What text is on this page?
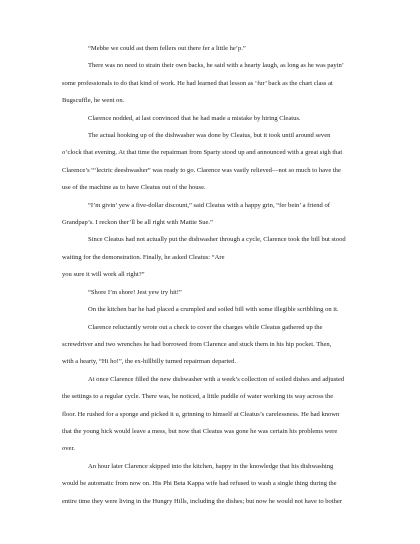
“Mebbe we could ast them fellers out there fer a little he’p.”

There was no need to strain their own backs, he said with a hearty laugh, as long as he was payin’

some professionals to do that kind of work. He had learned that lesson as ‘fur’ back as the chart class at

Bugscuffle, he went on.

Clarence nodded, at last convinced that he had made a mistake by hiring Cleatus.

The actual hooking up of the dishwasher was done by Cleatus, but it took until around seven

o’clock that evening. At that time the repairman from Sparty stood up and announced with a great sigh that

Clarence’s “‘lectric deeshwasher” was ready to go. Clarence was vastly relieved—not so much to have the

use of the machine as to have Cleatus out of the house.

“I’m givin’ yew a five-dollar discount,” said Cleatus with a happy grin, “fer bein’ a friend of

Grandpap’s. I reckon ther’ll be all right with Mattie Sue.”

Since Cleatus had not actually put the dishwasher through a cycle, Clarence took the bill but stood

waiting for the demonstration. Finally, he asked Cleatus: “Are

you sure it will work all right?”

“Shore I’m shore! Jest yew try hit!”

On the kitchen bar he had placed a crumpled and soiled bill with some illegible scribbling on it.

Clarence reluctantly wrote out a check to cover the charges while Cleatus gathered up the

screwdriver and two wrenches he had borrowed from Clarence and stuck them in his hip pocket. Then,

with a hearty, “Hi ho!”, the ex-hillbilly turned repairman departed.

At once Clarence filled the new dishwasher with a week’s collection of soiled dishes and adjusted

the settings to a regular cycle. There was, he noticed, a little puddle of water working its way across the

floor. He rushed for a sponge and picked it u, grinning to himself at Cleatus’s carelessness. He had known

that the young hick would leave a mess, but now that Cleatus was gone he was certain his problems were

over.

An hour later Clarence skipped into the kitchen, happy in the knowledge that his dishwashing

would be automatic from now on. His Phi Beta Kappa wife had refused to wash a single thing during the

entire time they were living in the Hungry Hills, including the dishes; but now he would not have to bother
